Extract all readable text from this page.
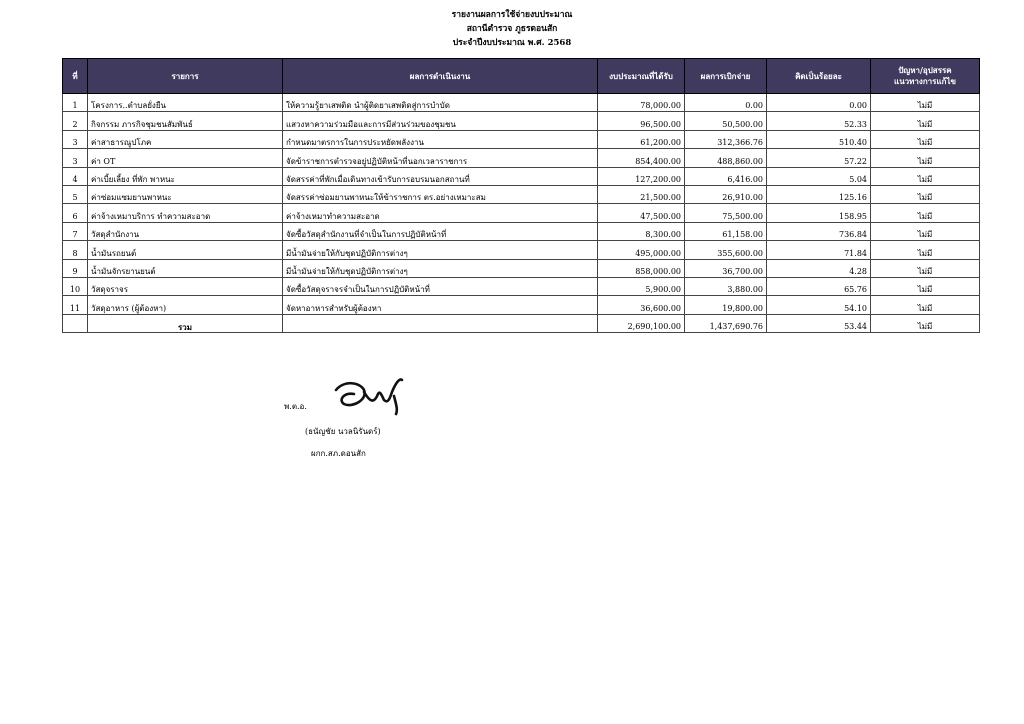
รายงานผลการใช้จ่ายงบประมาณ
สถานีตำรวจ ภูธรดอนสัก
ประจำปีงบประมาณ พ.ศ. 2568
ที่	รายการ	ผลการดำเนินงาน	งบประมาณที่ได้รับ	ผลการเบิกจ่าย	คิดเป็นร้อยละ	ปัญหา/อุปสรรค
แนวทางการแก้ไข
1	โครงการ..ตำบลยั่งยืน	ให้ความรู้ยาเสพติด นำผู้ติดยาเสพติดสู่การบำบัด	78,000.00	0.00	0.00	ไม่มี
2	กิจกรรม ภารกิจชุมชนสัมพันธ์	แสวงหาความร่วมมือและการมีส่วนร่วมของชุมชน	96,500.00	50,500.00	52.33	ไม่มี
3	ค่าสาธารณูปโภค	กำหนดมาตรการในการประหยัดพลังงาน	61,200.00	312,366.76	510.40	ไม่มี
3	ค่า OT	จัดข้าราชการตำรวจอยู่ปฏิบัติหน้าที่นอกเวลาราชการ	854,400.00	488,860.00	57.22	ไม่มี
4	ค่าเบี้ยเลี้ยง ที่พัก พาหนะ	จัดสรรค่าที่พักเมื่อเดินทางเข้ารับการอบรมนอกสถานที่	127,200.00	6,416.00	5.04	ไม่มี
5	ค่าซ่อมแซมยานพาหนะ	จัดสรรค่าซ่อมยานพาหนะให้ข้าราชการ ตร.อย่างเหมาะสม	21,500.00	26,910.00	125.16	ไม่มี
6	ค่าจ้างเหมาบริการ ทำความสะอาด	ค่าจ้างเหมาทำความสะอาด	47,500.00	75,500.00	158.95	ไม่มี
7	วัสดุสำนักงาน	จัดซื้อวัสดุสำนักงานที่จำเป็นในการปฏิบัติหน้าที่	8,300.00	61,158.00	736.84	ไม่มี
8	น้ำมันรถยนต์	มีน้ำมันจ่ายให้กับชุดปฏิบัติการต่างๆ	495,000.00	355,600.00	71.84	ไม่มี
9	น้ำมันจักรยานยนต์	มีน้ำมันจ่ายให้กับชุดปฏิบัติการต่างๆ	858,000.00	36,700.00	4.28	ไม่มี
10	วัสดุจราจร	จัดซื้อวัสดุจราจรจำเป็นในการปฏิบัติหน้าที่	5,900.00	3,880.00	65.76	ไม่มี
11	วัสดุอาหาร (ผู้ต้องหา)	จัดหาอาหารสำหรับผู้ต้องหา	36,600.00	19,800.00	54.10	ไม่มี
	รวม		2,690,100.00	1,437,690.76	53.44	ไม่มี
พ.ต.อ.
(ธนัญชัย นวลนิรันดร์)
ผกก.สภ.ดอนสัก
